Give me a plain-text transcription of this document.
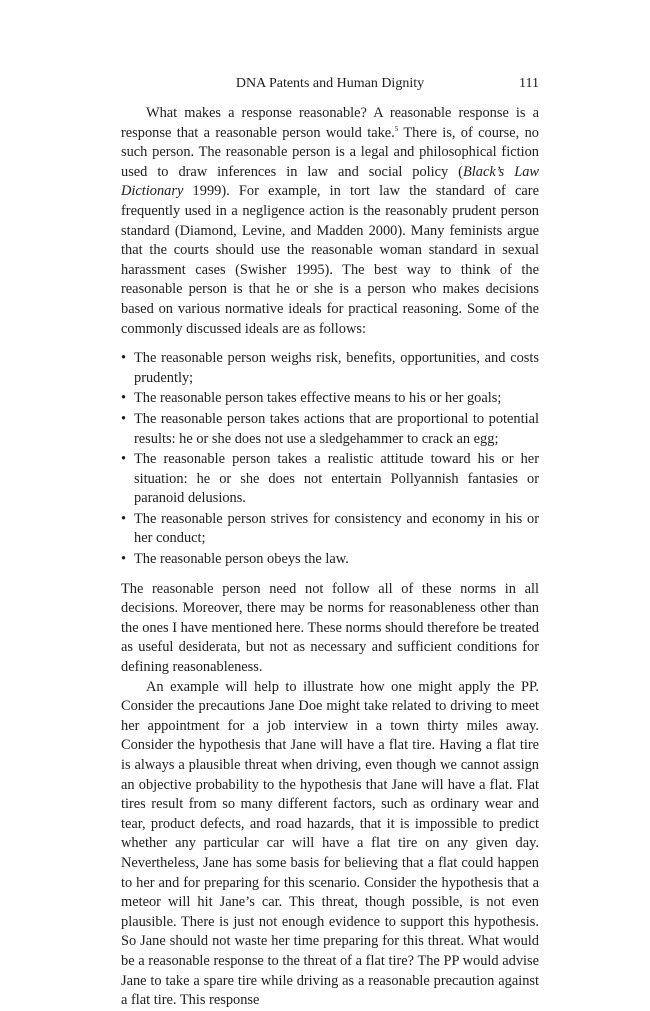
DNA Patents and Human Dignity	111

What makes a response reasonable? A reasonable response is a response that a reasonable person would take.$^5$ There is, of course, no such person. The reasonable person is a legal and philosophical fiction used to draw inferences in law and social policy (Black’s Law Dictionary 1999). For example, in tort law the standard of care frequently used in a negligence action is the reasonably prudent person standard (Diamond, Levine, and Madden 2000). Many feminists argue that the courts should use the reasonable woman standard in sexual harassment cases (Swisher 1995). The best way to think of the reasonable person is that he or she is a person who makes decisions based on various normative ideals for practical reasoning. Some of the commonly discussed ideals are as follows:

• The reasonable person weighs risk, benefits, opportunities, and costs prudently;
• The reasonable person takes effective means to his or her goals;
• The reasonable person takes actions that are proportional to potential results: he or she does not use a sledgehammer to crack an egg;
• The reasonable person takes a realistic attitude toward his or her situation: he or she does not entertain Pollyannish fantasies or paranoid delusions.
• The reasonable person strives for consistency and economy in his or her conduct;
• The reasonable person obeys the law.

The reasonable person need not follow all of these norms in all decisions. Moreover, there may be norms for reasonableness other than the ones I have mentioned here. These norms should therefore be treated as useful desiderata, but not as necessary and sufficient conditions for defining reasonableness.

An example will help to illustrate how one might apply the PP. Consider the precautions Jane Doe might take related to driving to meet her appointment for a job interview in a town thirty miles away. Consider the hypothesis that Jane will have a flat tire. Having a flat tire is always a plausible threat when driving, even though we cannot assign an objective probability to the hypothesis that Jane will have a flat. Flat tires result from so many different factors, such as ordinary wear and tear, product defects, and road hazards, that it is impossible to predict whether any particular car will have a flat tire on any given day. Nevertheless, Jane has some basis for believing that a flat could happen to her and for preparing for this scenario. Consider the hypothesis that a meteor will hit Jane’s car. This threat, though possible, is not even plausible. There is just not enough evidence to support this hypothesis. So Jane should not waste her time preparing for this threat. What would be a reasonable response to the threat of a flat tire? The PP would advise Jane to take a spare tire while driving as a reasonable precaution against a flat tire. This response
